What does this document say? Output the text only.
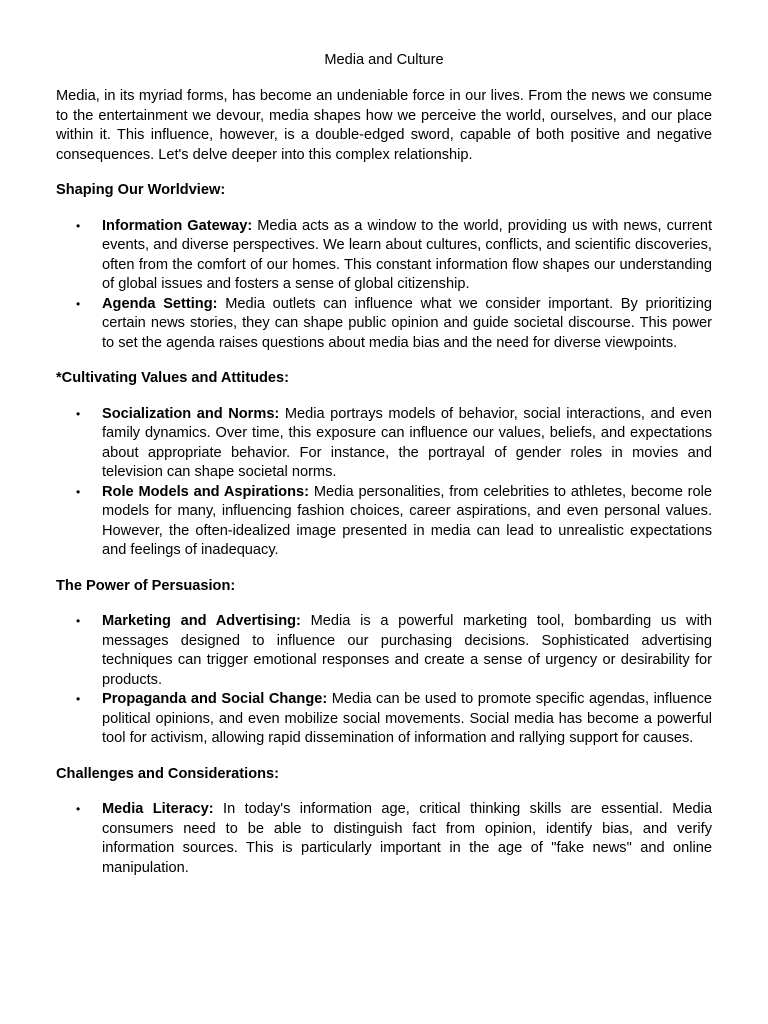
Media and Culture

Media, in its myriad forms, has become an undeniable force in our lives. From the news we consume to the entertainment we devour, media shapes how we perceive the world, ourselves, and our place within it. This influence, however, is a double-edged sword, capable of both positive and negative consequences. Let's delve deeper into this complex relationship.

Shaping Our Worldview:
• Information Gateway: Media acts as a window to the world, providing us with news, current events, and diverse perspectives. We learn about cultures, conflicts, and scientific discoveries, often from the comfort of our homes. This constant information flow shapes our understanding of global issues and fosters a sense of global citizenship.
• Agenda Setting: Media outlets can influence what we consider important. By prioritizing certain news stories, they can shape public opinion and guide societal discourse. This power to set the agenda raises questions about media bias and the need for diverse viewpoints.
*Cultivating Values and Attitudes:
• Socialization and Norms: Media portrays models of behavior, social interactions, and even family dynamics. Over time, this exposure can influence our values, beliefs, and expectations about appropriate behavior. For instance, the portrayal of gender roles in movies and television can shape societal norms.
• Role Models and Aspirations: Media personalities, from celebrities to athletes, become role models for many, influencing fashion choices, career aspirations, and even personal values. However, the often-idealized image presented in media can lead to unrealistic expectations and feelings of inadequacy.
The Power of Persuasion:
• Marketing and Advertising: Media is a powerful marketing tool, bombarding us with messages designed to influence our purchasing decisions. Sophisticated advertising techniques can trigger emotional responses and create a sense of urgency or desirability for products.
• Propaganda and Social Change: Media can be used to promote specific agendas, influence political opinions, and even mobilize social movements. Social media has become a powerful tool for activism, allowing rapid dissemination of information and rallying support for causes.
Challenges and Considerations:
• Media Literacy: In today's information age, critical thinking skills are essential. Media consumers need to be able to distinguish fact from opinion, identify bias, and verify information sources. This is particularly important in the age of "fake news" and online manipulation.
